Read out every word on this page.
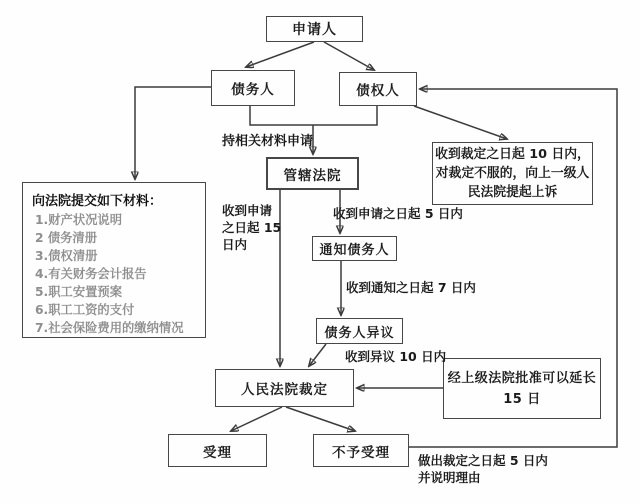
申请人
债务人	债权人
管辖法院
通知债务人
债务人异议
人民法院裁定
受理	不予受理
收到裁定之日起 10 日内，
对裁定不服的，向上一级人
民法院提起上诉
经上级法院批准可以延长
15 日

向法院提交如下材料：

1.财产状况说明
2 债务清册
3.债权清册
4.有关财务会计报告
5.职工安置预案
6.职工工资的支付
7.社会保险费用的缴纳情况
持相关材料申请
收到申请
之日起 15
日内
收到申请之日起 5 日内
收到通知之日起 7 日内
收到异议 10 日内
做出裁定之日起 5 日内
并说明理由
